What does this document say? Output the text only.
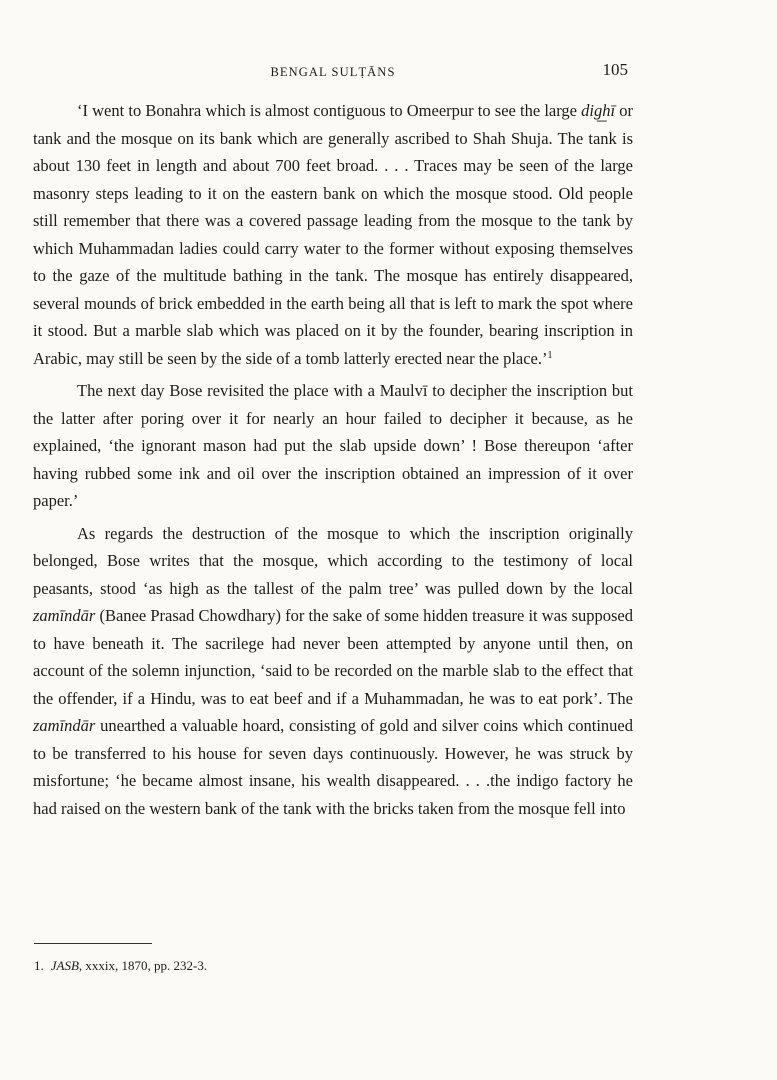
BENGAL SULṬĀNS	105

‘I went to Bonahra which is almost contiguous to Omeerpur to see the large dig͟hī or tank and the mosque on its bank which are generally ascribed to Shah Shuja. The tank is about 130 feet in length and about 700 feet broad. . . . Traces may be seen of the large masonry steps leading to it on the eastern bank on which the mosque stood. Old people still remember that there was a covered passage leading from the mosque to the tank by which Muhammadan ladies could carry water to the former without exposing themselves to the gaze of the multitude bathing in the tank. The mosque has entirely disappeared, several mounds of brick embedded in the earth being all that is left to mark the spot where it stood. But a marble slab which was placed on it by the founder, bearing inscription in Arabic, may still be seen by the side of a tomb latterly erected near the place.’$^1$

The next day Bose revisited the place with a Maulvī to decipher the inscription but the latter after poring over it for nearly an hour failed to decipher it because, as he explained, ‘the ignorant mason had put the slab upside down’ ! Bose thereupon ‘after having rubbed some ink and oil over the inscription obtained an impression of it over paper.’

As regards the destruction of the mosque to which the inscription originally belonged, Bose writes that the mosque, which according to the testimony of local peasants, stood ‘as high as the tallest of the palm tree’ was pulled down by the local zamīndār (Banee Prasad Chowdhary) for the sake of some hidden treasure it was supposed to have beneath it. The sacrilege had never been attempted by anyone until then, on account of the solemn injunction, ‘said to be recorded on the marble slab to the effect that the offender, if a Hindu, was to eat beef and if a Muhammadan, he was to eat pork’. The zamīndār unearthed a valuable hoard, consisting of gold and silver coins which continued to be transferred to his house for seven days continuously. However, he was struck by misfortune; ‘he became almost insane, his wealth disappeared. . . .the indigo factory he had raised on the western bank of the tank with the bricks taken from the mosque fell into

1. JASB, xxxix, 1870, pp. 232-3.
